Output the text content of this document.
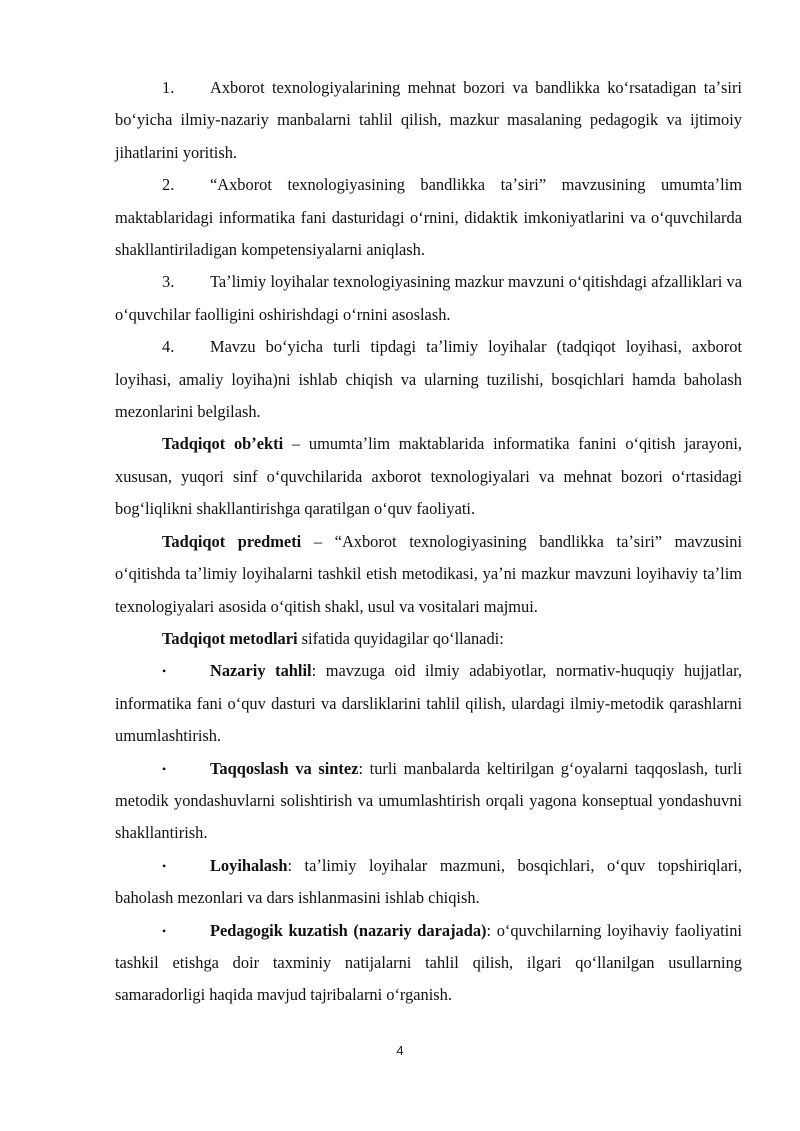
1. Axborot texnologiyalarining mehnat bozori va bandlikka koʻrsatadigan taʼsiri boʻyicha ilmiy-nazariy manbalarni tahlil qilish, mazkur masalaning pedagogik va ijtimoiy jihatlarini yoritish.

2. “Axborot texnologiyasining bandlikka taʼsiri” mavzusining umumtaʼlim maktablaridagi informatika fani dasturidagi oʻrnini, didaktik imkoniyatlarini va oʻquvchilarda shakllantiriladigan kompetensiyalarni aniqlash.

3. Taʼlimiy loyihalar texnologiyasining mazkur mavzuni oʻqitishdagi afzalliklari va oʻquvchilar faolligini oshirishdagi oʻrnini asoslash.

4. Mavzu boʻyicha turli tipdagi taʼlimiy loyihalar (tadqiqot loyihasi, axborot loyihasi, amaliy loyiha)ni ishlab chiqish va ularning tuzilishi, bosqichlari hamda baholash mezonlarini belgilash.

Tadqiqot obʼekti – umumtaʼlim maktablarida informatika fanini oʻqitish jarayoni, xususan, yuqori sinf oʻquvchilarida axborot texnologiyalari va mehnat bozori oʻrtasidagi bogʻliqlikni shakllantirishga qaratilgan oʻquv faoliyati.

Tadqiqot predmeti – “Axborot texnologiyasining bandlikka taʼsiri” mavzusini oʻqitishda taʼlimiy loyihalarni tashkil etish metodikasi, yaʼni mazkur mavzuni loyihaviy taʼlim texnologiyalari asosida oʻqitish shakl, usul va vositalari majmui.

Tadqiqot metodlari sifatida quyidagilar qoʻllanadi:

•	Nazariy tahlil: mavzuga oid ilmiy adabiyotlar, normativ-huquqiy hujjatlar, informatika fani oʻquv dasturi va darsliklarini tahlil qilish, ulardagi ilmiy-metodik qarashlarni umumlashtirish.

•	Taqqoslash va sintez: turli manbalarda keltirilgan gʻoyalarni taqqoslash, turli metodik yondashuvlarni solishtirish va umumlashtirish orqali yagona konseptual yondashuvni shakllantirish.

•	Loyihalash: taʼlimiy loyihalar mazmuni, bosqichlari, oʻquv topshiriqlari, baholash mezonlari va dars ishlanmasini ishlab chiqish.

•	Pedagogik kuzatish (nazariy darajada): oʻquvchilarning loyihaviy faoliyatini tashkil etishga doir taxminiy natijalarni tahlil qilish, ilgari qoʻllanilgan usullarning samaradorligi haqida mavjud tajribalarni oʻrganish.

4
